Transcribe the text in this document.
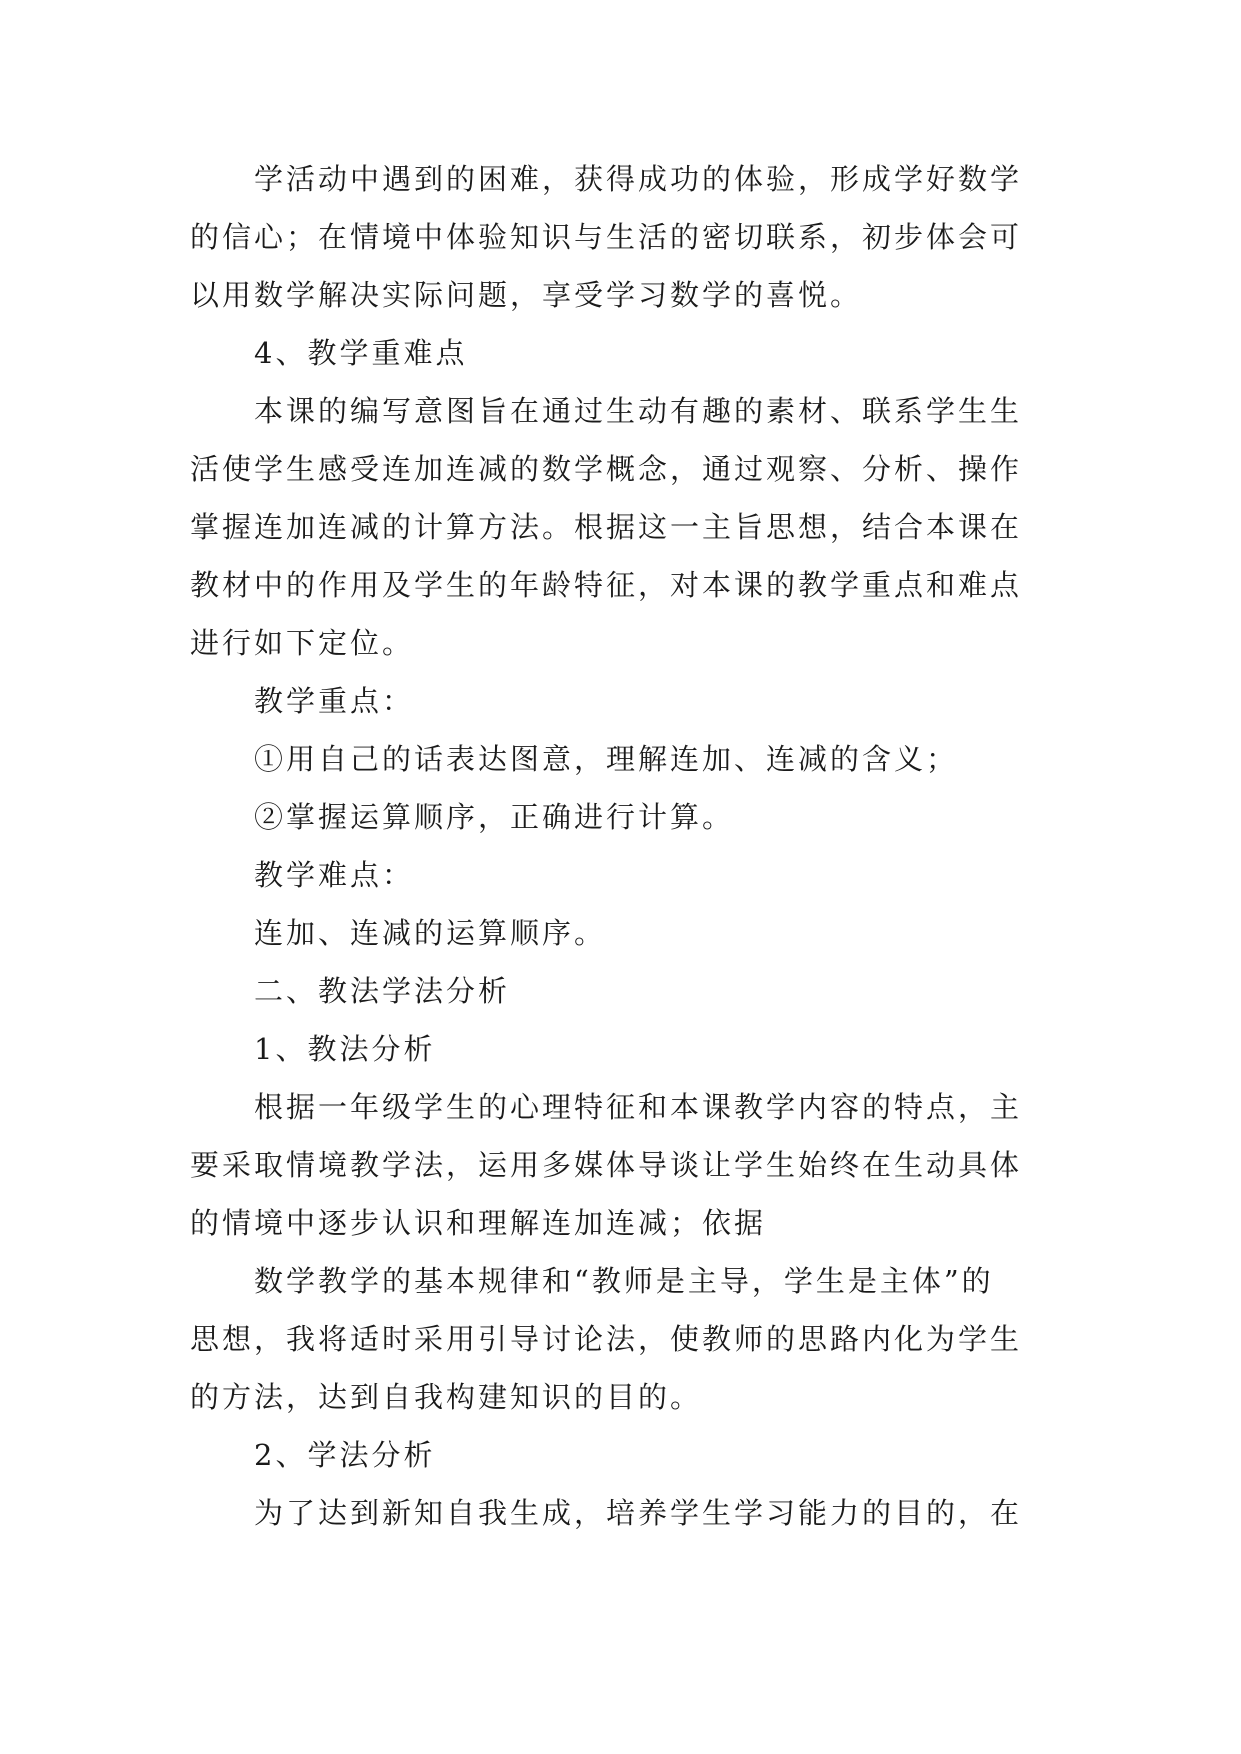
学活动中遇到的困难，获得成功的体验，形成学好数学
的信心；在情境中体验知识与生活的密切联系，初步体会可
以用数学解决实际问题，享受学习数学的喜悦。
4、教学重难点
本课的编写意图旨在通过生动有趣的素材、联系学生生
活使学生感受连加连减的数学概念，通过观察、分析、操作
掌握连加连减的计算方法。根据这一主旨思想，结合本课在
教材中的作用及学生的年龄特征，对本课的教学重点和难点
进行如下定位。
教学重点：
①用自己的话表达图意，理解连加、连减的含义；
②掌握运算顺序，正确进行计算。
教学难点：
连加、连减的运算顺序。
二、教法学法分析
1、教法分析
根据一年级学生的心理特征和本课教学内容的特点，主
要采取情境教学法，运用多媒体导谈让学生始终在生动具体
的情境中逐步认识和理解连加连减；依据
数学教学的基本规律和“教师是主导，学生是主体”的
思想，我将适时采用引导讨论法，使教师的思路内化为学生
的方法，达到自我构建知识的目的。
2、学法分析
为了达到新知自我生成，培养学生学习能力的目的，在
